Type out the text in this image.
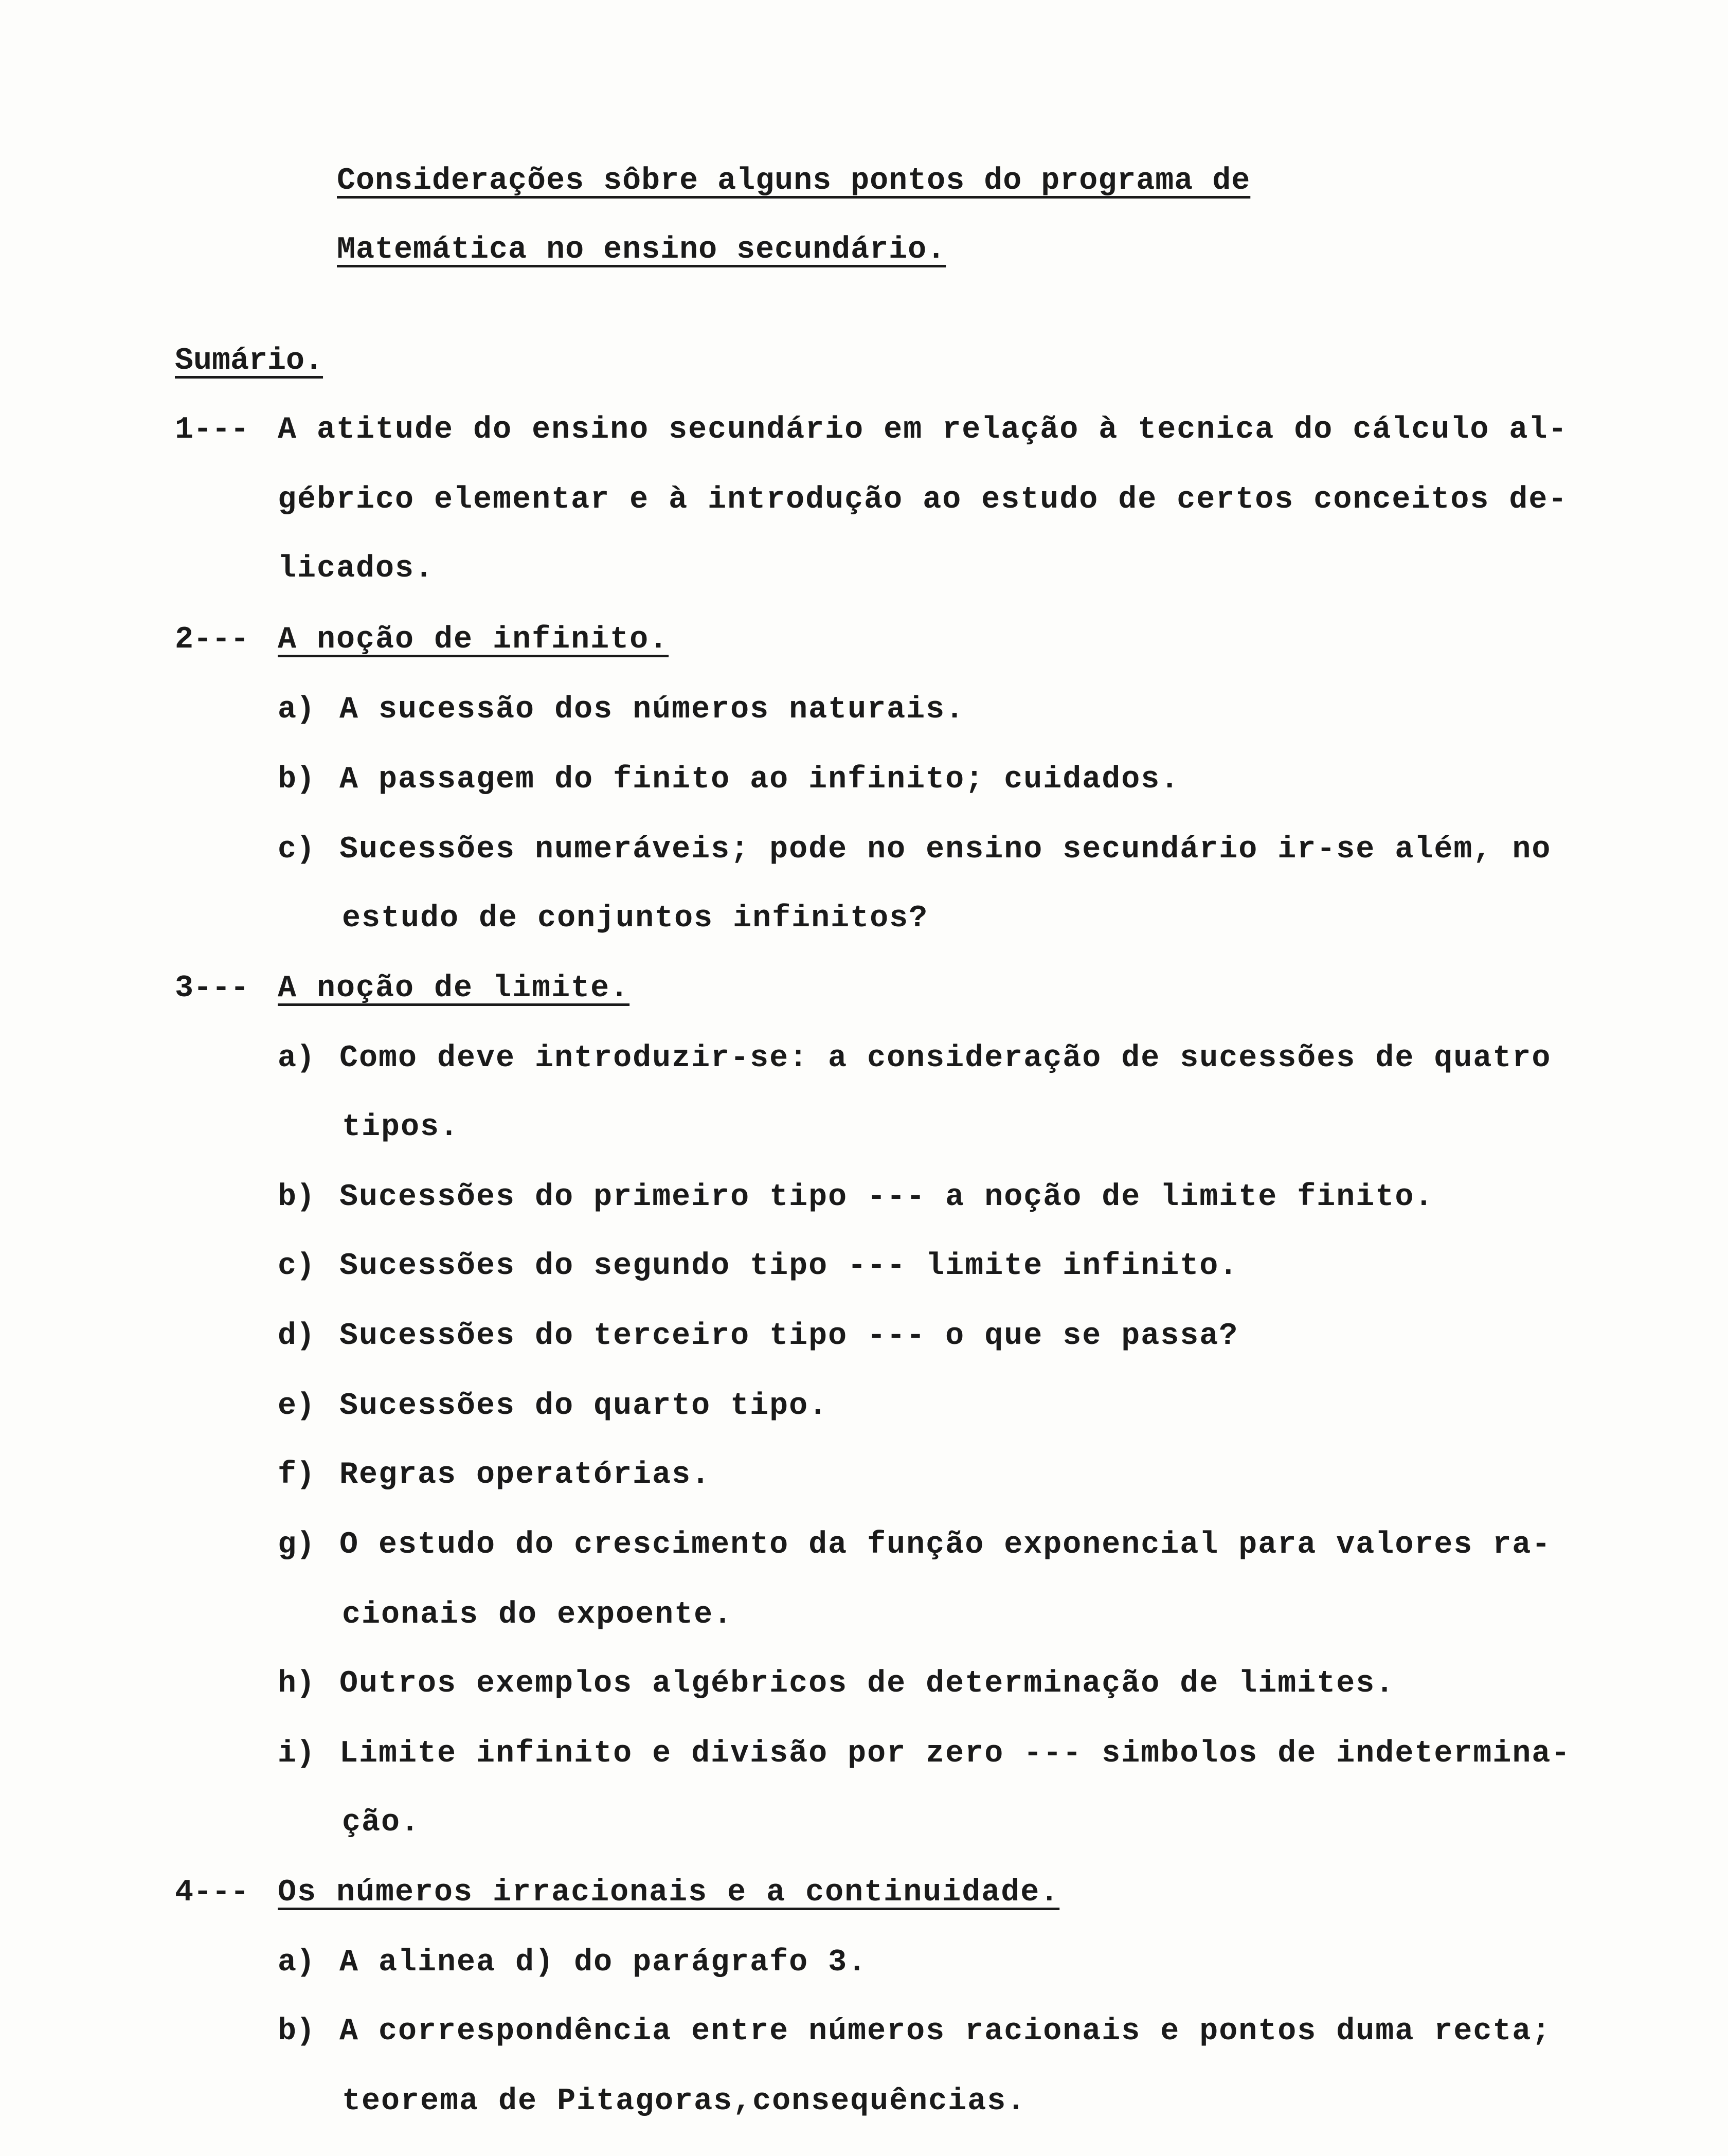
Considerações sôbre alguns pontos do programa de
Matemática no ensino secundário.
Sumário.
1--- A atitude do ensino secundário em relação à tecnica do cálculo al-
gébrico elementar e à introdução ao estudo de certos conceitos de-
licados.
2--- A noção de infinito.
a) A sucessão dos números naturais.
b) A passagem do finito ao infinito; cuidados.
c) Sucessões numeráveis; pode no ensino secundário ir-se além, no
estudo de conjuntos infinitos?
3--- A noção de limite.
a) Como deve introduzir-se: a consideração de sucessões de quatro
tipos.
b) Sucessões do primeiro tipo --- a noção de limite finito.
c) Sucessões do segundo tipo --- limite infinito.
d) Sucessões do terceiro tipo --- o que se passa?
e) Sucessões do quarto tipo.
f) Regras operatórias.
g) O estudo do crescimento da função exponencial para valores ra-
cionais do expoente.
h) Outros exemplos algébricos de determinação de limites.
i) Limite infinito e divisão por zero --- simbolos de indetermina-
ção.
4--- Os números irracionais e a continuidade.
a) A alinea d) do parágrafo 3.
b) A correspondência entre números racionais e pontos duma recta;
teorema de Pitagoras,consequências.
